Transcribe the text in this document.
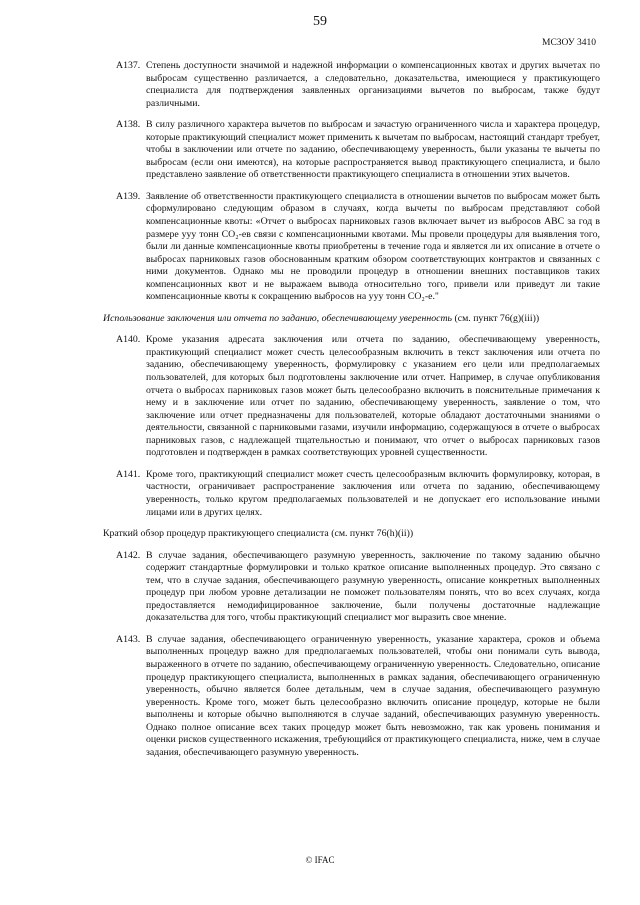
59
МСЗОУ 3410
A137. Степень доступности значимой и надежной информации о компенсационных квотах и других вычетах по выбросам существенно различается, а следовательно, доказательства, имеющиеся у практикующего специалиста для подтверждения заявленных организациями вычетов по выбросам, также будут различными.
A138. В силу различного характера вычетов по выбросам и зачастую ограниченного числа и характера процедур, которые практикующий специалист может применить к вычетам по выбросам, настоящий стандарт требует, чтобы в заключении или отчете по заданию, обеспечивающему уверенность, были указаны те вычеты по выбросам (если они имеются), на которые распространяется вывод практикующего специалиста, и было представлено заявление об ответственности практикующего специалиста в отношении этих вычетов.
A139. Заявление об ответственности практикующего специалиста в отношении вычетов по выбросам может быть сформулировано следующим образом в случаях, когда вычеты по выбросам представляют собой компенсационные квоты: «Отчет о выбросах парниковых газов включает вычет из выбросов ABC за год в размере yyy тонн CO₂-ев связи с компенсационными квотами. Мы провели процедуры для выявления того, были ли данные компенсационные квоты приобретены в течение года и является ли их описание в отчете о выбросах парниковых газов обоснованным кратким обзором соответствующих контрактов и связанных с ними документов. Однако мы не проводили процедур в отношении внешних поставщиков таких компенсационных квот и не выражаем вывода относительно того, привели или приведут ли такие компенсационные квоты к сокращению выбросов на yyy тонн CO₂-е."
Использование заключения или отчета по заданию, обеспечивающему уверенность (см. пункт 76(g)(iii))
A140. Кроме указания адресата заключения или отчета по заданию, обеспечивающему уверенность, практикующий специалист может счесть целесообразным включить в текст заключения или отчета по заданию, обеспечивающему уверенность, формулировку с указанием его цели или предполагаемых пользователей, для которых был подготовлены заключение или отчет. Например, в случае опубликования отчета о выбросах парниковых газов может быть целесообразно включить в пояснительные примечания к нему и в заключение или отчет по заданию, обеспечивающему уверенность, заявление о том, что заключение или отчет предназначены для пользователей, которые обладают достаточными знаниями о деятельности, связанной с парниковыми газами, изучили информацию, содержащуюся в отчете о выбросах парниковых газов, с надлежащей тщательностью и понимают, что отчет о выбросах парниковых газов подготовлен и подтвержден в рамках соответствующих уровней существенности.
A141. Кроме того, практикующий специалист может счесть целесообразным включить формулировку, которая, в частности, ограничивает распространение заключения или отчета по заданию, обеспечивающему уверенность, только кругом предполагаемых пользователей и не допускает его использование иными лицами или в других целях.
Краткий обзор процедур практикующего специалиста (см. пункт 76(h)(ii))
A142. В случае задания, обеспечивающего разумную уверенность, заключение по такому заданию обычно содержит стандартные формулировки и только краткое описание выполненных процедур. Это связано с тем, что в случае задания, обеспечивающего разумную уверенность, описание конкретных выполненных процедур при любом уровне детализации не поможет пользователям понять, что во всех случаях, когда предоставляется немодифицированное заключение, были получены достаточные надлежащие доказательства для того, чтобы практикующий специалист мог выразить свое мнение.
A143. В случае задания, обеспечивающего ограниченную уверенность, указание характера, сроков и объема выполненных процедур важно для предполагаемых пользователей, чтобы они понимали суть вывода, выраженного в отчете по заданию, обеспечивающему ограниченную уверенность. Следовательно, описание процедур практикующего специалиста, выполненных в рамках задания, обеспечивающего ограниченную уверенность, обычно является более детальным, чем в случае задания, обеспечивающего разумную уверенность. Кроме того, может быть целесообразно включить описание процедур, которые не были выполнены и которые обычно выполняются в случае заданий, обеспечивающих разумную уверенность. Однако полное описание всех таких процедур может быть невозможно, так как уровень понимания и оценки рисков существенного искажения, требующийся от практикующего специалиста, ниже, чем в случае задания, обеспечивающего разумную уверенность.
© IFAC
